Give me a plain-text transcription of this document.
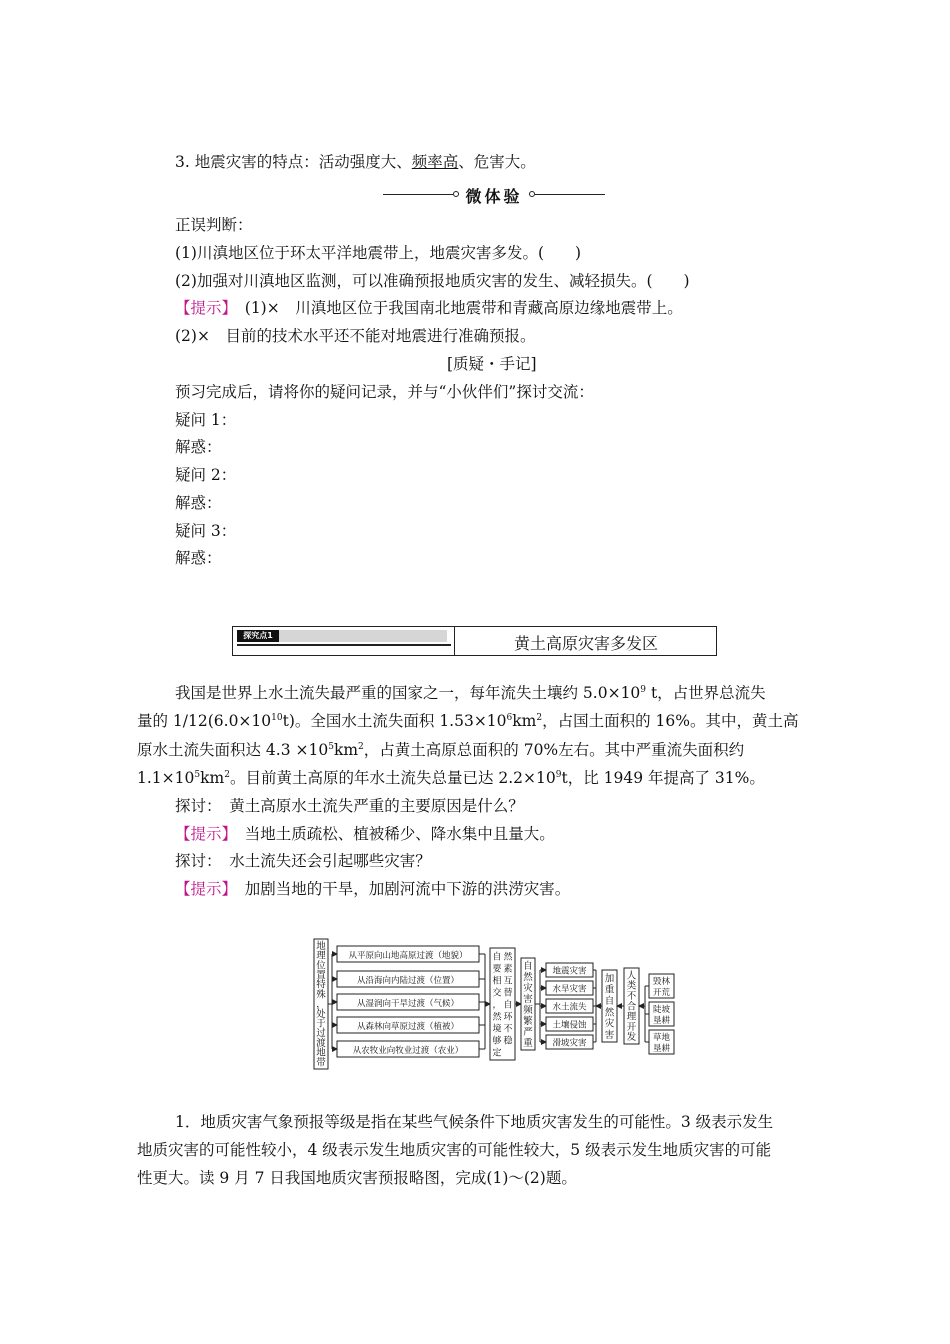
3. 地震灾害的特点：活动强度大、频率高、危害大。
微体验
正误判断：
(1)川滇地区位于环太平洋地震带上，地震灾害多发。(　　)
(2)加强对川滇地区监测，可以准确预报地质灾害的发生、减轻损失。(　　)
【提示】　(1)×　川滇地区位于我国南北地震带和青藏高原边缘地震带上。
(2)×　目前的技术水平还不能对地震进行准确预报。
[质疑・手记]
预习完成后，请将你的疑问记录，并与“小伙伴们”探讨交流：
疑问 1：
解惑：
疑问 2：
解惑：
疑问 3：
解惑：
探究点1	黄土高原灾害多发区
我国是世界上水土流失最严重的国家之一，每年流失土壤约 $5.0\times 10^9$ t，占世界总流失
量的 $1/12(6.0\times 10^{10}t)$。全国水土流失面积 $1.53\times 10^6km^2$，占国土面积的 16%。其中，黄土高
原水土流失面积达 $4.3 \times 10^5km^2$，占黄土高原总面积的 70%左右。其中严重流失面积约
$1.1\times 10^5km^2$。目前黄土高原的年水土流失总量已达 $2.2\times 10^9t$，比 1949 年提高了 31%。
探讨：　黄土高原水土流失严重的主要原因是什么？
【提示】　当地土质疏松、植被稀少、降水集中且量大。
探讨：　水土流失还会引起哪些灾害？
【提示】　加剧当地的干旱，加剧河流中下游的洪涝灾害。
地
理
位
置
特
殊
，
处
于
过
渡
地
带
从平原向山地高原过渡（地貌）
从沿海向内陆过渡（位置）
从湿润向干旱过渡（气候）
从森林向草原过渡（植被）
从农牧业向牧业过渡（农业）
自 然
要 素
相 互
交 替
， 自
然 环
境 不
够 稳
定
自
然
灾
害
频
繁
严
重
地震灾害
水旱灾害
水土流失
土壤侵蚀
滑坡灾害
加
重
自
然
灾
害
人
类
不
合
理
开
发
毁林
开荒
陡坡
垦耕
草地
垦耕
1．地质灾害气象预报等级是指在某些气候条件下地质灾害发生的可能性。3 级表示发生
地质灾害的可能性较小，4 级表示发生地质灾害的可能性较大，5 级表示发生地质灾害的可能
性更大。读 9 月 7 日我国地质灾害预报略图，完成(1)～(2)题。
